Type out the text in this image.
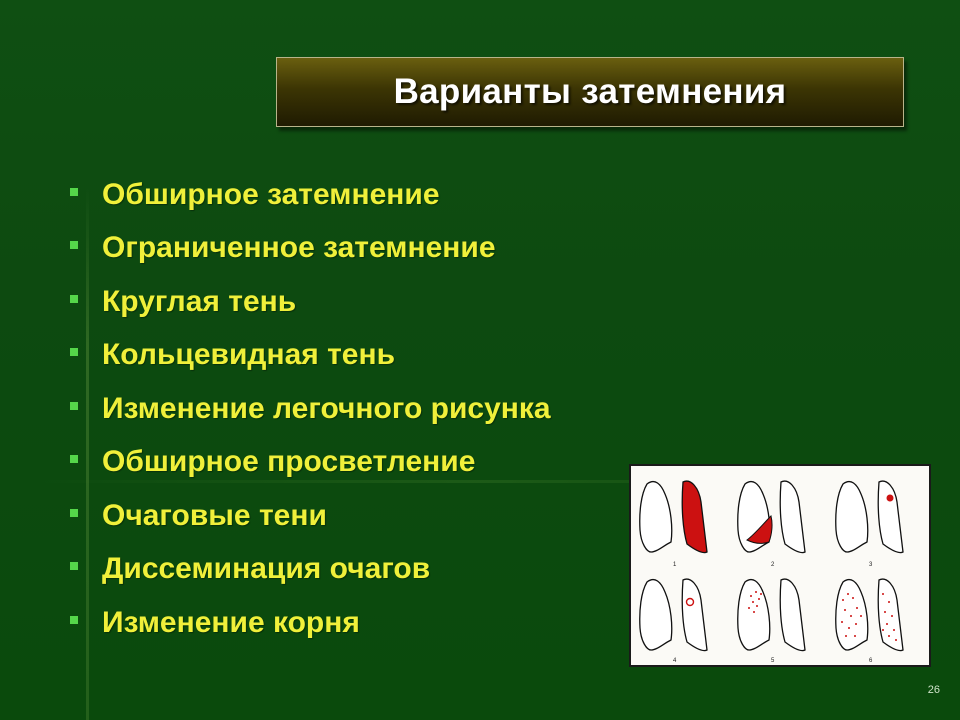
Варианты затемнения
Обширное затемнение
Ограниченное затемнение
Круглая тень
Кольцевидная тень
Изменение легочного рисунка
Обширное просветление
Очаговые тени
Диссеминация очагов
Изменение корня
1	2	3
4	5	6
26
